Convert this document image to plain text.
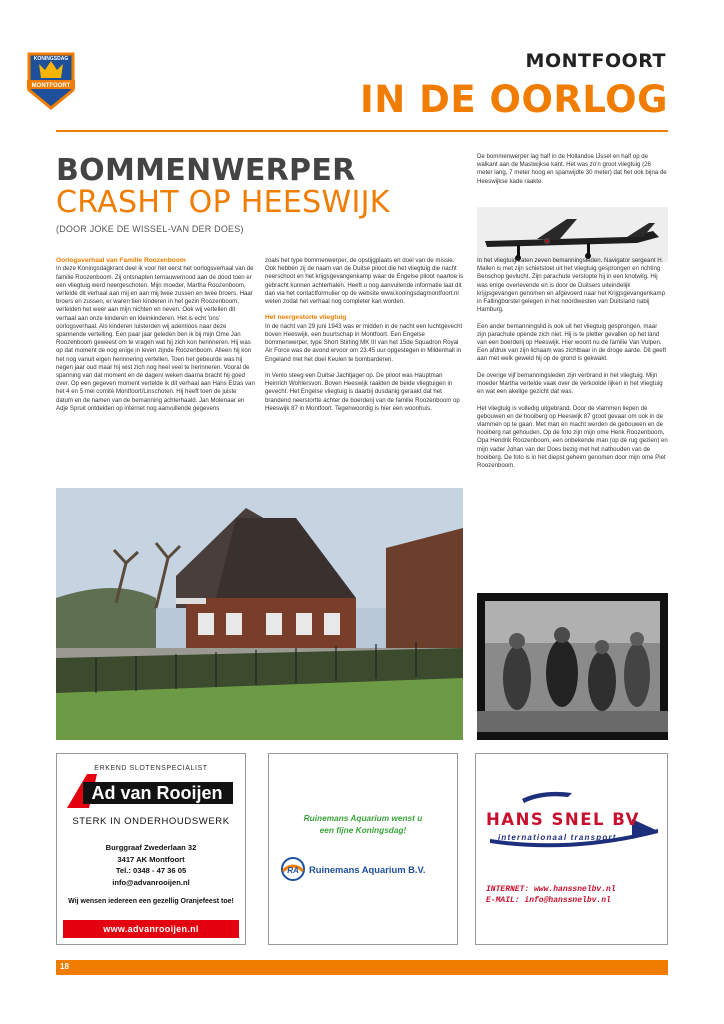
MONTFOORT
KONINGSDAG	MONTFOORT
IN DE OORLOG
BOMMENWERPER
CRASHT OP HEESWIJK
(DOOR JOKE DE WISSEL-VAN DER DOES)
De bommenwerper lag half in de Hollandse IJssel en half op de walkant aan de Mastwijkse kant. Het was zo'n groot vliegtuig (26 meter lang, 7 meter hoog en spanwijdte 30 meter) dat het ook bijna de Heeswijkse kade raakte.
Oorlogsverhaal van Familie Roozenboom

In deze Koningsdagkrant deel ik voor het eerst het oorlogsverhaal van de familie Roozenboom. Zij ontsnapten ternauwernood aan de dood toen er een vliegtuig werd neergeschoten. Mijn moeder, Martha Roozenboom, vertelde dit verhaal aan mij en aan mij twee zussen en twee broers. Haar broers en zussen, er waren tien kinderen in het gezin Roozenboom, vertelden het weer aan mijn nichten en neven. Ook wij vertellen dit verhaal aan onze kinderen en kleinkinderen. Het is echt 'ons' oorlogsverhaal. Als kinderen luisterden wij ademloos naar deze spannende vertelling. Een paar jaar geleden ben ik bij mijn Ome Jan Roozenboom geweest om te vragen wat hij zich kon herinneren. Hij was op dat moment de nog enige in leven zijnde Roozenboom. Alleen hij kon het nog vanuit eigen herinnering vertellen. Toen het gebeurde was hij negen jaar oud maar hij wist zich nog heel veel te herinneren. Vooral de spanning van dat moment en de dagen/ weken daarna bracht hij goed over. Op een gegeven moment vertelde ik dit verhaal aan Hans Elzas van het 4 en 5 mei comité Montfoort/Linschoten. Hij heeft toen de juiste datum en de namen van de bemanning achterhaald. Jan Molenaar en Adje Spruit ontdekten op internet nog aanvullende gegevens

zoals het type bommenwerper, de opstijgplaats en doel van de missie. Ook hebben zij de naam van de Duitse piloot die het vliegtuig die nacht neerschoot en het krijgsgevangenkamp waar de Engelse piloot naartoe is gebracht kunnen achterhalen. Heeft u nog aanvullende informatie laat dit dan via het contactformulier op de website www.koningsdagmontfoort.nl weten zodat het verhaal nog completer kan worden.

Het neergestorte vliegtuig

In de nacht van 29 juni 1943 was er midden in de nacht een luchtgevecht boven Heeswijk, een buurtschap in Montfoort. Een Engelse bommenwerper, type Short Stirling MK III van het 15de Squadron Royal Air Force was de avond ervoor om 23.45 uur opgestegen in Mildenhall in Engeland met het doel Keulen te bombarderen.

In Venlo steeg een Duitse Jachtjager op. De piloot was Hauptman Heinrich Wohlersvon. Boven Heeswijk raakten de beide vliegtuigen in gevecht. Het Engelse vliegtuig is daarbij dusdanig geraakt dat het brandend neerstortte achter de boerderij van de familie Roozenboom op Heeswijk 87 in Montfoort. Tegenwoordig is hier een woonhuis.

In het vliegtuig zaten zeven bemanningsleden. Navigator sergeant H. Mallen is met zijn schietstoel uit het vliegtuig gesprongen en richting Benschop gevlucht. Zijn parachute verstopte hij in een knotwilg. Hij was enige overlevende en is door de Duitsers uiteindelijk krijgsgevangen genomen en afgevoerd naar het Krijgsgevangenkamp in Fallingborstel gelegen in het noordwesten van Duitsland nabij Hamburg.

Een ander bemanningslid is ook uit het vliegtuig gesprongen, maar zijn parachute opende zich niet. Hij is te pletter gevallen op het land van een boerderij op Heeswijk. Hier woont nu de familie Van Vulpen. Een afdruk van zijn lichaam was zichtbaar in de droge aarde. Dit geeft aan met welk geweld hij op de grond is gekwakt.

De overige vijf bemanningsleden zijn verbrand in het vliegtuig. Mijn moeder Martha vertelde vaak over de verkoolde lijken in het vliegtuig en wat een akelige gezicht dat was.

Het vliegtuig is volledig uitgebrand. Door de vlammen liepen de gebouwen en de hooiberg op Heeswijk 87 groot gevaar om ook in de vlammen op te gaan. Met man en macht werden de gebouwen en de hooiberg nat gehouden. Op de foto zijn mijn ome Henk Roozenboom, Opa Hendrik Roozenboom, een onbekende man (op de rug gezien) en mijn vader Johan van der Does bezig met het nathouden van de hooiberg. De foto is in het diepst geheim genomen door mijn ome Piet Roozenboom.

ERKEND SLOTENSPECIALIST
Ad van Rooijen
STERK IN ONDERHOUDSWERK
Burggraaf Zwederlaan 32
3417 AK Montfoort
Tel.: 0348 - 47 36 05
info@advanrooijen.nl
Wij wensen iedereen een gezellig Oranjefeest toe!
www.advanrooijen.nl
Ruinemans Aquarium wenst u
een fijne Koningsdag!
RA Ruinemans Aquarium B.V.
HANS SNEL BV
internationaal transport
INTERNET: www.hanssnelbv.nl
E-MAIL: info@hanssnelbv.nl
18
